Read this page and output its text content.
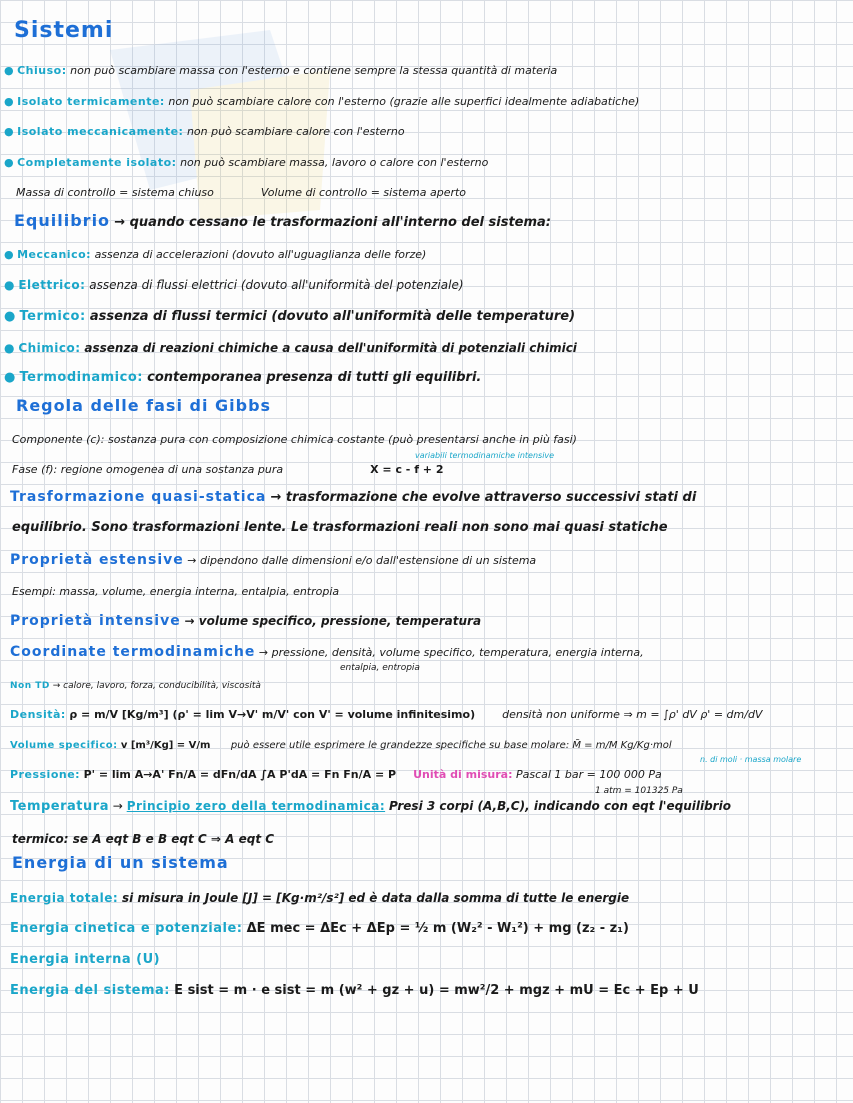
Sistemi
● Chiuso: non può scambiare massa con l'esterno e contiene sempre la stessa quantità di materia
● Isolato termicamente: non può scambiare calore con l'esterno (grazie alle superfici idealmente adiabatiche)
● Isolato meccanicamente: non può scambiare calore con l'esterno
● Completamente isolato: non può scambiare massa, lavoro o calore con l'esterno
Massa di controllo = sistema chiuso	Volume di controllo = sistema aperto
Equilibrio → quando cessano le trasformazioni all'interno del sistema:
● Meccanico: assenza di accelerazioni (dovuto all'uguaglianza delle forze)
● Elettrico: assenza di flussi elettrici (dovuto all'uniformità del potenziale)
● Termico: assenza di flussi termici (dovuto all'uniformità delle temperature)
● Chimico: assenza di reazioni chimiche a causa dell'uniformità di potenziali chimici
● Termodinamico: contemporanea presenza di tutti gli equilibri.
Regola delle fasi di Gibbs
Componente (c): sostanza pura con composizione chimica costante (può presentarsi anche in più fasi)
variabili termodinamiche intensive
Fase (f): regione omogenea di una sostanza pura	X = c - f + 2
Trasformazione quasi-statica → trasformazione che evolve attraverso successivi stati di
equilibrio. Sono trasformazioni lente. Le trasformazioni reali non sono mai quasi statiche
Proprietà estensive → dipendono dalle dimensioni e/o dall'estensione di un sistema
Esempi: massa, volume, energia interna, entalpia, entropia
Proprietà intensive → volume specifico, pressione, temperatura
Coordinate termodinamiche → pressione, densità, volume specifico, temperatura, energia interna,
entalpia, entropia
Non TD → calore, lavoro, forza, conducibilità, viscosità
Densità: ρ = m/V [Kg/m³] (ρ' = lim V→V' m/V' con V' = volume infinitesimo) densità non uniforme ⇒ m = ∫ρ' dV ρ' = dm/dV
Volume specifico: v [m³/Kg] = V/m può essere utile esprimere le grandezze specifiche su base molare: M̃ = m/M Kg/Kg·mol
n. di moli · massa molare
Pressione: P' = lim A→A' Fn/A = dFn/dA ∫A P'dA = Fn Fn/A = P Unità di misura: Pascal 1 bar = 100 000 Pa
1 atm = 101325 Pa
Temperatura → Principio zero della termodinamica: Presi 3 corpi (A,B,C), indicando con eqt l'equilibrio
termico: se A eqt B e B eqt C ⇒ A eqt C
Energia di un sistema
Energia totale: si misura in Joule [J] = [Kg·m²/s²] ed è data dalla somma di tutte le energie
Energia cinetica e potenziale: ΔE mec = ΔEc + ΔEp = ½ m (W₂² - W₁²) + mg (z₂ - z₁)
Energia interna (U)
Energia del sistema: E sist = m · e sist = m (w² + gz + u) = mw²/2 + mgz + mU = Ec + Ep + U
